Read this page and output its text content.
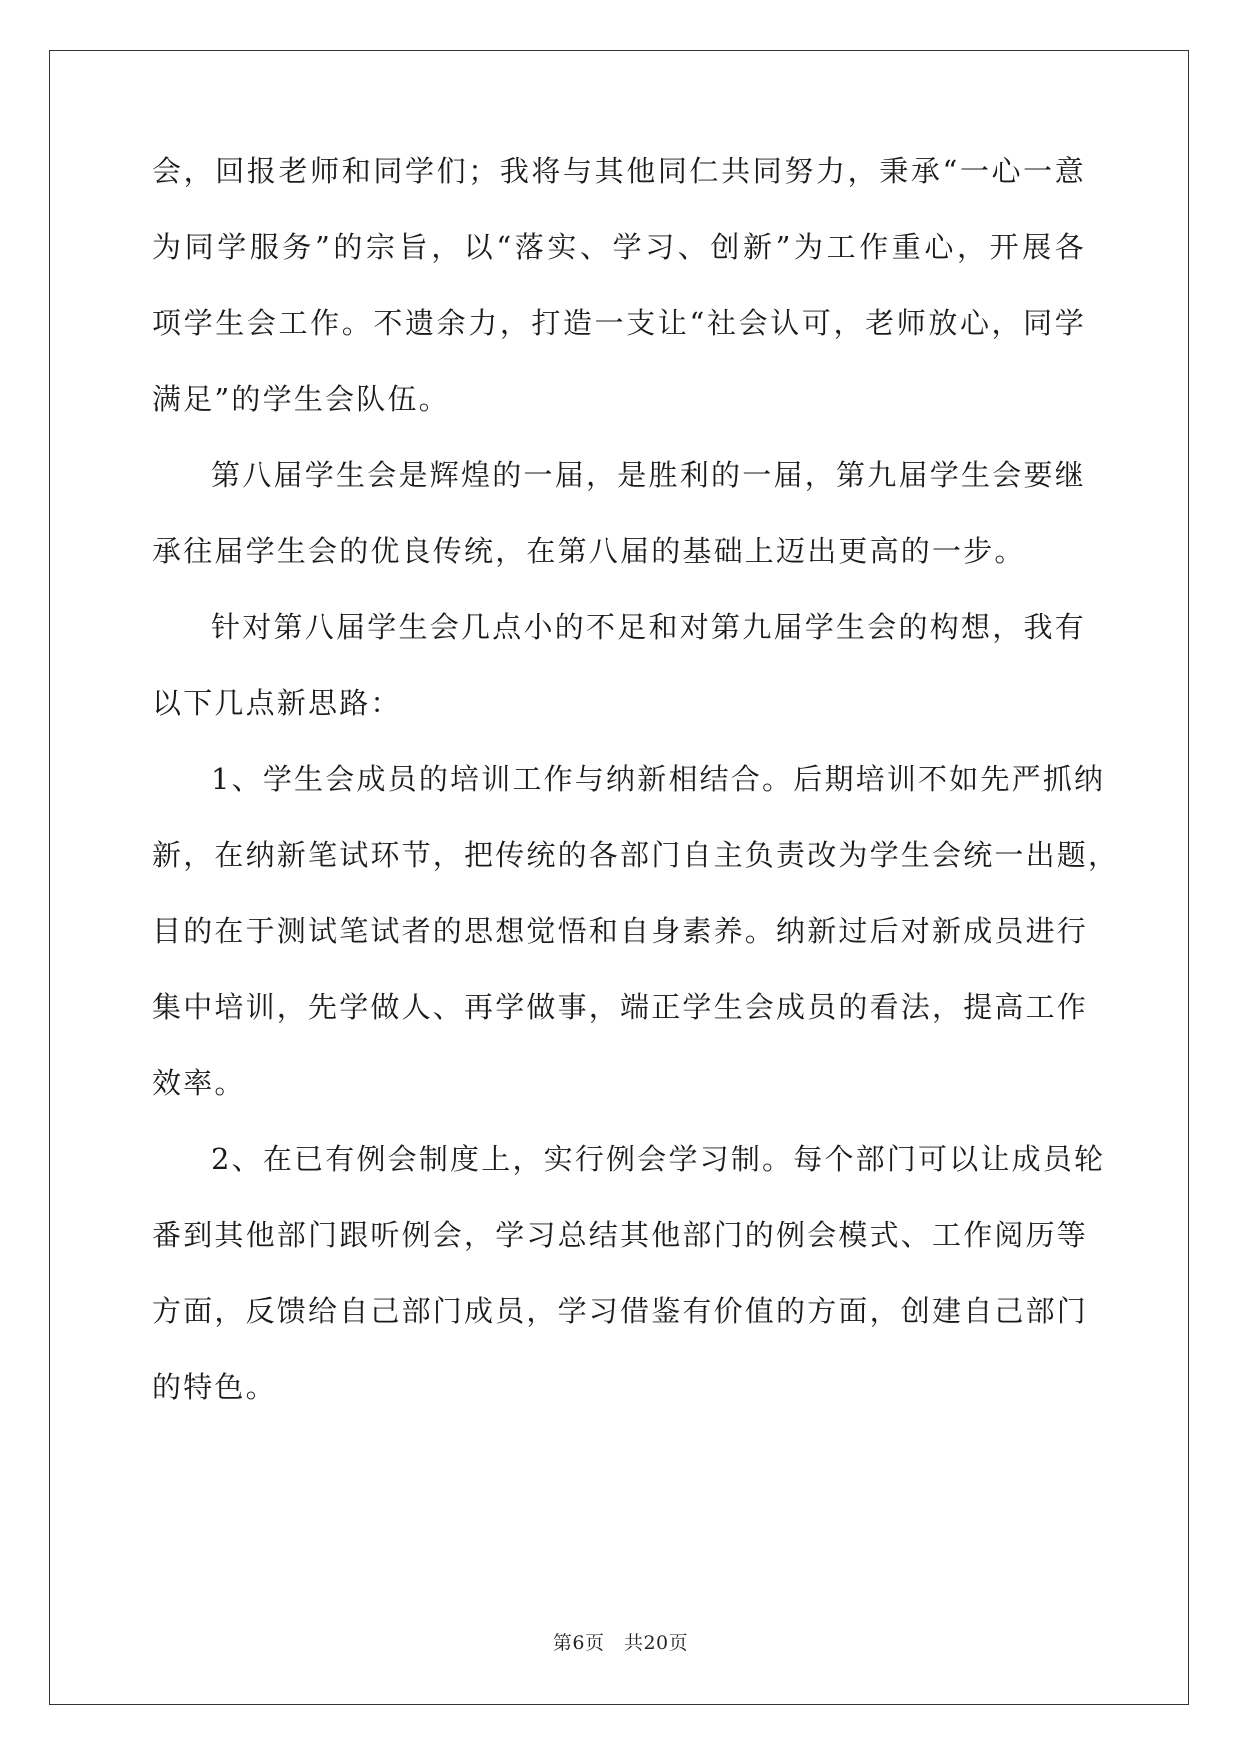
会，回报老师和同学们；我将与其他同仁共同努力，秉承“一心一意
为同学服务”的宗旨，以“落实、学习、创新”为工作重心，开展各
项学生会工作。不遗余力，打造一支让“社会认可，老师放心，同学
满足”的学生会队伍。
第八届学生会是辉煌的一届，是胜利的一届，第九届学生会要继
承往届学生会的优良传统，在第八届的基础上迈出更高的一步。
针对第八届学生会几点小的不足和对第九届学生会的构想，我有
以下几点新思路：
1、学生会成员的培训工作与纳新相结合。后期培训不如先严抓纳
新，在纳新笔试环节，把传统的各部门自主负责改为学生会统一出题，
目的在于测试笔试者的思想觉悟和自身素养。纳新过后对新成员进行
集中培训，先学做人、再学做事，端正学生会成员的看法，提高工作
效率。
2、在已有例会制度上，实行例会学习制。每个部门可以让成员轮
番到其他部门跟听例会，学习总结其他部门的例会模式、工作阅历等
方面，反馈给自己部门成员，学习借鉴有价值的方面，创建自己部门
的特色。
第6页　共20页
